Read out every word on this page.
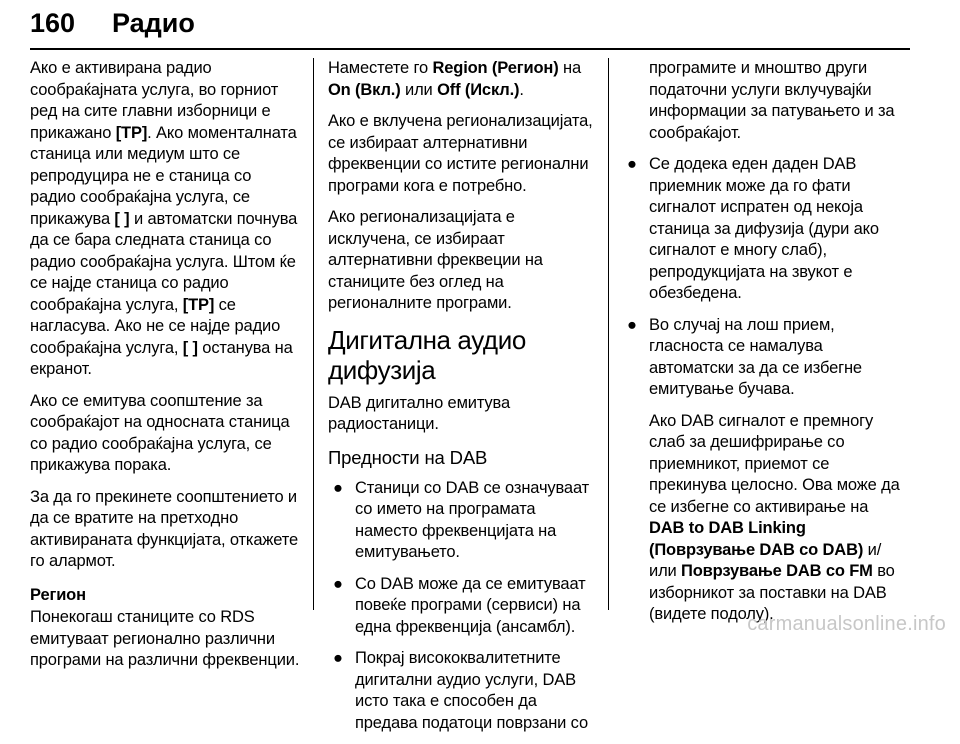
160 Радио

Ако е активирана радио сообраќајната услуга, во горниот ред на сите главни изборници е прикажано [TP]. Ако моменталната станица или медиум што се репродуцира не е станица со радио сообраќајна услуга, се прикажува [ ] и автоматски почнува да се бара следната станица со радио сообраќајна услуга. Штом ќе се најде станица со радио сообраќајна услуга, [TP] се нагласува. Ако не се најде радио сообраќајна услуга, [ ] останува на екранот.

Ако се емитува соопштение за сообраќајот на односната станица со радио сообраќајна услуга, се прикажува порака.

За да го прекинете соопштението и да се вратите на претходно активираната функцијата, откажете го алармот.

Регион

Понекогаш станиците со RDS емитуваат регионално различни програми на различни фреквенции.

Наместете го Region (Регион) на On (Вкл.) или Off (Искл.).

Ако е вклучена регионализацијата, се избираат алтернативни фреквенции со истите регионални програми кога е потребно.

Ако регионализацијата е исклучена, се избираат алтернативни фреквеции на станиците без оглед на регионалните програми.

Дигитална аудио дифузија

DAB дигитално емитува радиостаници.

Предности на DAB
● Станици со DAB се означуваат со името на програмата наместо фреквенцијата на емитувањето.
● Со DAB може да се емитуваат повеќе програми (сервиси) на една фреквенција (ансамбл).
● Покрај висококвалитетните дигитални аудио услуги, DAB исто така е способен да предава податоци поврзани со

програмите и мноштво други податочни услуги вклучувајќи информации за патувањето и за сообраќајот.

● Се додека еден даден DAB приемник може да го фати сигналот испратен од некоја станица за дифузија (дури ако сигналот е многу слаб), репродукцијата на звукот е обезбедена.
● Во случај на лош прием, гласноста се намалува автоматски за да се избегне емитување бучава.

Ако DAB сигналот е премногу слаб за дешифрирање со приемникот, приемот се прекинува целосно. Ова може да се избегне со активирање на DAB to DAB Linking (Поврзување DAB со DAB) и/или Поврзување DAB со FM во изборникот за поставки на DAB (видете подолу).

carmanualsonline.info
